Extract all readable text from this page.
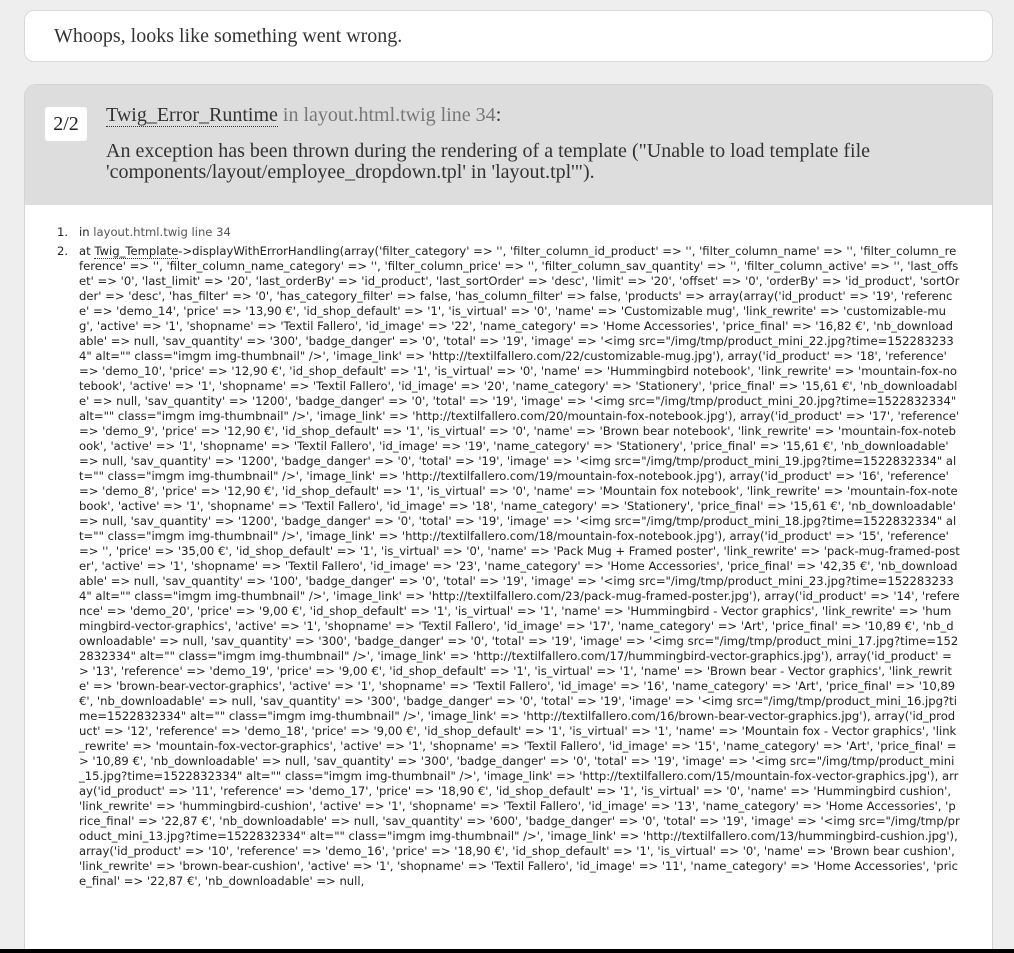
Whoops, looks like something went wrong.
2/2	Twig_Error_Runtime in layout.html.twig line 34:
An exception has been thrown during the rendering of a template ("Unable to load template file 'components/layout/employee_dropdown.tpl' in 'layout.tpl'").
1. in layout.html.twig line 34
2. at Twig_Template->displayWithErrorHandling(array('filter_category' => '', 'filter_column_id_product' => '', 'filter_column_name' => '', 'filter_column_reference' => '', 'filter_column_name_category' => '', 'filter_column_price' => '', 'filter_column_sav_quantity' => '', 'filter_column_active' => '', 'last_offset' => '0', 'last_limit' => '20', 'last_orderBy' => 'id_product', 'last_sortOrder' => 'desc', 'limit' => '20', 'offset' => '0', 'orderBy' => 'id_product', 'sortOrder' => 'desc', 'has_filter' => '0', 'has_category_filter' => false, 'has_column_filter' => false, 'products' => array(array('id_product' => '19', 'reference' => 'demo_14', 'price' => '13,90 €', 'id_shop_default' => '1', 'is_virtual' => '0', 'name' => 'Customizable mug', 'link_rewrite' => 'customizable-mug', 'active' => '1', 'shopname' => 'Textil Fallero', 'id_image' => '22', 'name_category' => 'Home Accessories', 'price_final' => '16,82 €', 'nb_downloadable' => null, 'sav_quantity' => '300', 'badge_danger' => '0', 'total' => '19', 'image' => '<img src="/img/tmp/product_mini_22.jpg?time=1522832334" alt="" class="imgm img-thumbnail" />', 'image_link' => 'http://textilfallero.com/22/customizable-mug.jpg'), array('id_product' => '18', 'reference' => 'demo_10', 'price' => '12,90 €', 'id_shop_default' => '1', 'is_virtual' => '0', 'name' => 'Hummingbird notebook', 'link_rewrite' => 'mountain-fox-notebook', 'active' => '1', 'shopname' => 'Textil Fallero', 'id_image' => '20', 'name_category' => 'Stationery', 'price_final' => '15,61 €', 'nb_downloadable' => null, 'sav_quantity' => '1200', 'badge_danger' => '0', 'total' => '19', 'image' => '<img src="/img/tmp/product_mini_20.jpg?time=1522832334" alt="" class="imgm img-thumbnail" />', 'image_link' => 'http://textilfallero.com/20/mountain-fox-notebook.jpg'), array('id_product' => '17', 'reference' => 'demo_9', 'price' => '12,90 €', 'id_shop_default' => '1', 'is_virtual' => '0', 'name' => 'Brown bear notebook', 'link_rewrite' => 'mountain-fox-notebook', 'active' => '1', 'shopname' => 'Textil Fallero', 'id_image' => '19', 'name_category' => 'Stationery', 'price_final' => '15,61 €', 'nb_downloadable' => null, 'sav_quantity' => '1200', 'badge_danger' => '0', 'total' => '19', 'image' => '<img src="/img/tmp/product_mini_19.jpg?time=1522832334" alt="" class="imgm img-thumbnail" />', 'image_link' => 'http://textilfallero.com/19/mountain-fox-notebook.jpg'), array('id_product' => '16', 'reference' => 'demo_8', 'price' => '12,90 €', 'id_shop_default' => '1', 'is_virtual' => '0', 'name' => 'Mountain fox notebook', 'link_rewrite' => 'mountain-fox-notebook', 'active' => '1', 'shopname' => 'Textil Fallero', 'id_image' => '18', 'name_category' => 'Stationery', 'price_final' => '15,61 €', 'nb_downloadable' => null, 'sav_quantity' => '1200', 'badge_danger' => '0', 'total' => '19', 'image' => '<img src="/img/tmp/product_mini_18.jpg?time=1522832334" alt="" class="imgm img-thumbnail" />', 'image_link' => 'http://textilfallero.com/18/mountain-fox-notebook.jpg'), array('id_product' => '15', 'reference' => '', 'price' => '35,00 €', 'id_shop_default' => '1', 'is_virtual' => '0', 'name' => 'Pack Mug + Framed poster', 'link_rewrite' => 'pack-mug-framed-poster', 'active' => '1', 'shopname' => 'Textil Fallero', 'id_image' => '23', 'name_category' => 'Home Accessories', 'price_final' => '42,35 €', 'nb_downloadable' => null, 'sav_quantity' => '100', 'badge_danger' => '0', 'total' => '19', 'image' => '<img src="/img/tmp/product_mini_23.jpg?time=1522832334" alt="" class="imgm img-thumbnail" />', 'image_link' => 'http://textilfallero.com/23/pack-mug-framed-poster.jpg'), array('id_product' => '14', 'reference' => 'demo_20', 'price' => '9,00 €', 'id_shop_default' => '1', 'is_virtual' => '1', 'name' => 'Hummingbird - Vector graphics', 'link_rewrite' => 'hummingbird-vector-graphics', 'active' => '1', 'shopname' => 'Textil Fallero', 'id_image' => '17', 'name_category' => 'Art', 'price_final' => '10,89 €', 'nb_downloadable' => null, 'sav_quantity' => '300', 'badge_danger' => '0', 'total' => '19', 'image' => '<img src="/img/tmp/product_mini_17.jpg?time=1522832334" alt="" class="imgm img-thumbnail" />', 'image_link' => 'http://textilfallero.com/17/hummingbird-vector-graphics.jpg'), array('id_product' => '13', 'reference' => 'demo_19', 'price' => '9,00 €', 'id_shop_default' => '1', 'is_virtual' => '1', 'name' => 'Brown bear - Vector graphics', 'link_rewrite' => 'brown-bear-vector-graphics', 'active' => '1', 'shopname' => 'Textil Fallero', 'id_image' => '16', 'name_category' => 'Art', 'price_final' => '10,89 €', 'nb_downloadable' => null, 'sav_quantity' => '300', 'badge_danger' => '0', 'total' => '19', 'image' => '<img src="/img/tmp/product_mini_16.jpg?time=1522832334" alt="" class="imgm img-thumbnail" />', 'image_link' => 'http://textilfallero.com/16/brown-bear-vector-graphics.jpg'), array('id_product' => '12', 'reference' => 'demo_18', 'price' => '9,00 €', 'id_shop_default' => '1', 'is_virtual' => '1', 'name' => 'Mountain fox - Vector graphics', 'link_rewrite' => 'mountain-fox-vector-graphics', 'active' => '1', 'shopname' => 'Textil Fallero', 'id_image' => '15', 'name_category' => 'Art', 'price_final' => '10,89 €', 'nb_downloadable' => null, 'sav_quantity' => '300', 'badge_danger' => '0', 'total' => '19', 'image' => '<img src="/img/tmp/product_mini_15.jpg?time=1522832334" alt="" class="imgm img-thumbnail" />', 'image_link' => 'http://textilfallero.com/15/mountain-fox-vector-graphics.jpg'), array('id_product' => '11', 'reference' => 'demo_17', 'price' => '18,90 €', 'id_shop_default' => '1', 'is_virtual' => '0', 'name' => 'Hummingbird cushion', 'link_rewrite' => 'hummingbird-cushion', 'active' => '1', 'shopname' => 'Textil Fallero', 'id_image' => '13', 'name_category' => 'Home Accessories', 'price_final' => '22,87 €', 'nb_downloadable' => null, 'sav_quantity' => '600', 'badge_danger' => '0', 'total' => '19', 'image' => '<img src="/img/tmp/product_mini_13.jpg?time=1522832334" alt="" class="imgm img-thumbnail" />', 'image_link' => 'http://textilfallero.com/13/hummingbird-cushion.jpg'), array('id_product' => '10', 'reference' => 'demo_16', 'price' => '18,90 €', 'id_shop_default' => '1', 'is_virtual' => '0', 'name' => 'Brown bear cushion', 'link_rewrite' => 'brown-bear-cushion', 'active' => '1', 'shopname' => 'Textil Fallero', 'id_image' => '11', 'name_category' => 'Home Accessories', 'price_final' => '22,87 €', 'nb_downloadable' => null,
